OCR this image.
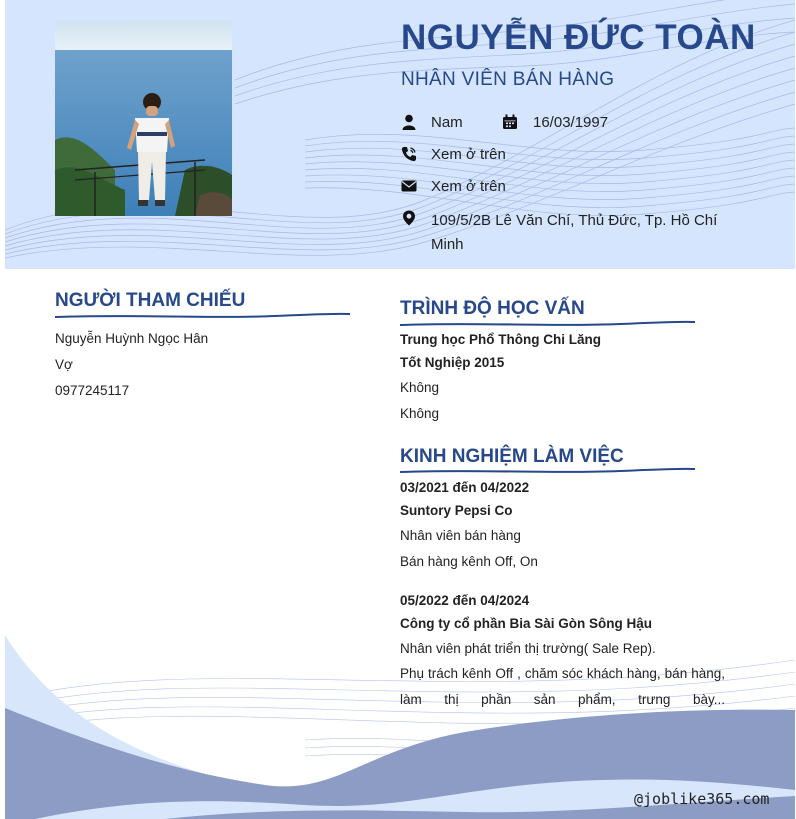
NGUYỄN ĐỨC TOÀN
NHÂN VIÊN BÁN HÀNG
Nam	16/03/1997
Xem ở trên
Xem ở trên
109/5/2B Lê Văn Chí, Thủ Đức, Tp. Hồ Chí Minh
NGƯỜI THAM CHIẾU
Nguyễn Huỳnh Ngọc Hân
Vợ
0977245117
TRÌNH ĐỘ HỌC VẤN
Trung học Phổ Thông Chi Lăng
Tốt Nghiệp 2015
Không
Không
KINH NGHIỆM LÀM VIỆC
03/2021 đến 04/2022
Suntory Pepsi Co
Nhân viên bán hàng
Bán hàng kênh Off, On
05/2022 đến 04/2024
Công ty cổ phần Bia Sài Gòn Sông Hậu
Nhân viên phát triển thị trường( Sale Rep).
Phụ trách kênh Off , chăm sóc khách hàng, bán hàng, làm thị phần sản phẩm, trưng bày...
@joblike365.com
